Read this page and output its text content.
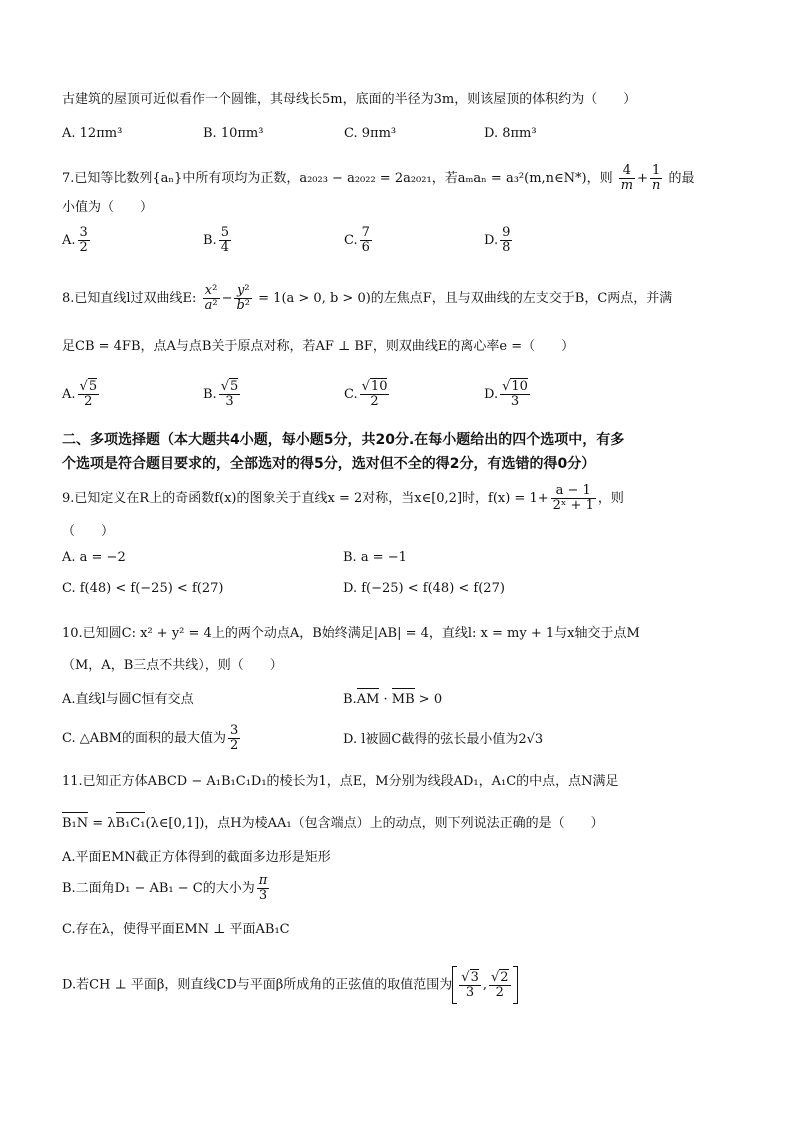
古建筑的屋顶可近似看作一个圆锥，其母线长5m，底面的半径为3m，则该屋顶的体积约为（　　）
A. 12πm³	B. 10πm³	C. 9πm³	D. 8πm³
7.已知等比数列{aₙ}中所有项均为正数，a₂₀₂₃ − a₂₀₂₂ = 2a₂₀₂₁，若aₘaₙ = a₃²(m,n∈N*)，则 $\frac{4}{m} + \frac{1}{n}$ 的最
小值为（　　）
A. $\frac{3}{2}$	B. $\frac{5}{4}$	C. $\frac{7}{6}$	D. $\frac{9}{8}$
8.已知直线l过双曲线E: $\frac{\text{x²}}{\text{a²}} - \frac{\text{y²}}{\text{b²}} = 1(a > 0$, b > 0)的左焦点F，且与双曲线的左支交于B，C两点，并满
足CB = 4FB，点A与点B关于原点对称，若AF ⊥ BF，则双曲线E的离心率e =（　　）
A. $\frac{√5}{2}$	B. $\frac{√5}{3}$	C. $\frac{√10}{2}$	D. $\frac{√10}{3}$
二、多项选择题（本大题共4小题，每小题5分，共20分.在每小题给出的四个选项中，有多
个选项是符合题目要求的，全部选对的得5分，选对但不全的得2分，有选错的得0分）
9.已知定义在R上的奇函数f(x)的图象关于直线x = 2对称，当x∈[0,2]时，$f(x) = 1+ \frac{a - 1}{\text{2ˣ + 1}}$ ，则
（　　）
A. a = −2	B. a = −1
C. f(48) < f(−25) < f(27)	D. f(−25) < f(48) < f(27)
10.已知圆C: x² + y² = 4上的两个动点A，B始终满足|AB| = 4，直线l: x = my + 1与x轴交于点M
（M，A，B三点不共线），则（　　）
A.直线l与圆C恒有交点	B.AM · MB > 0
C. △ABM的面积的最大值为 $\frac{3}{2}$	D. l被圆C截得的弦长最小值为2√3
11.已知正方体ABCD − A₁B₁C₁D₁的棱长为1，点E，M分别为线段AD₁，A₁C的中点，点N满足
B₁N = λB₁C₁(λ∈[0,1])，点H为棱AA₁（包含端点）上的动点，则下列说法正确的是（　　）
A.平面EMN截正方体得到的截面多边形是矩形
B.二面角D₁ − AB₁ − C的大小为 $\frac{\pi}{3}$
C.存在λ，使得平面EMN ⊥ 平面AB₁C
D.若CH ⊥ 平面β，则直线CD与平面β所成角的正弦值的取值范围为 $\frac{√3}{3}$ , $\frac{√2}{2}$
